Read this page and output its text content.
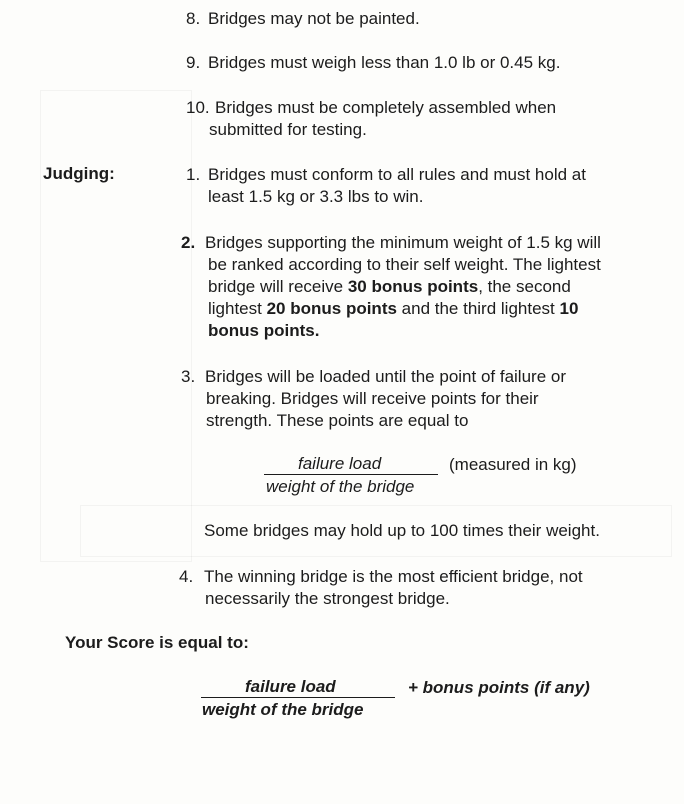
8. Bridges may not be painted.
9. Bridges must weigh less than 1.0 lb or 0.45 kg.
10. Bridges must be completely assembled when
submitted for testing.
Judging:	1. Bridges must conform to all rules and must hold at
least 1.5 kg or 3.3 lbs to win.
2. Bridges supporting the minimum weight of 1.5 kg will
be ranked according to their self weight. The lightest
bridge will receive 30 bonus points, the second
lightest 20 bonus points and the third lightest 10
bonus points.
3. Bridges will be loaded until the point of failure or
breaking. Bridges will receive points for their
strength. These points are equal to
failure load
weight of the bridge
(measured in kg)
Some bridges may hold up to 100 times their weight.
4. The winning bridge is the most efficient bridge, not
necessarily the strongest bridge.
Your Score is equal to:
failure load
weight of the bridge
+ bonus points (if any)
